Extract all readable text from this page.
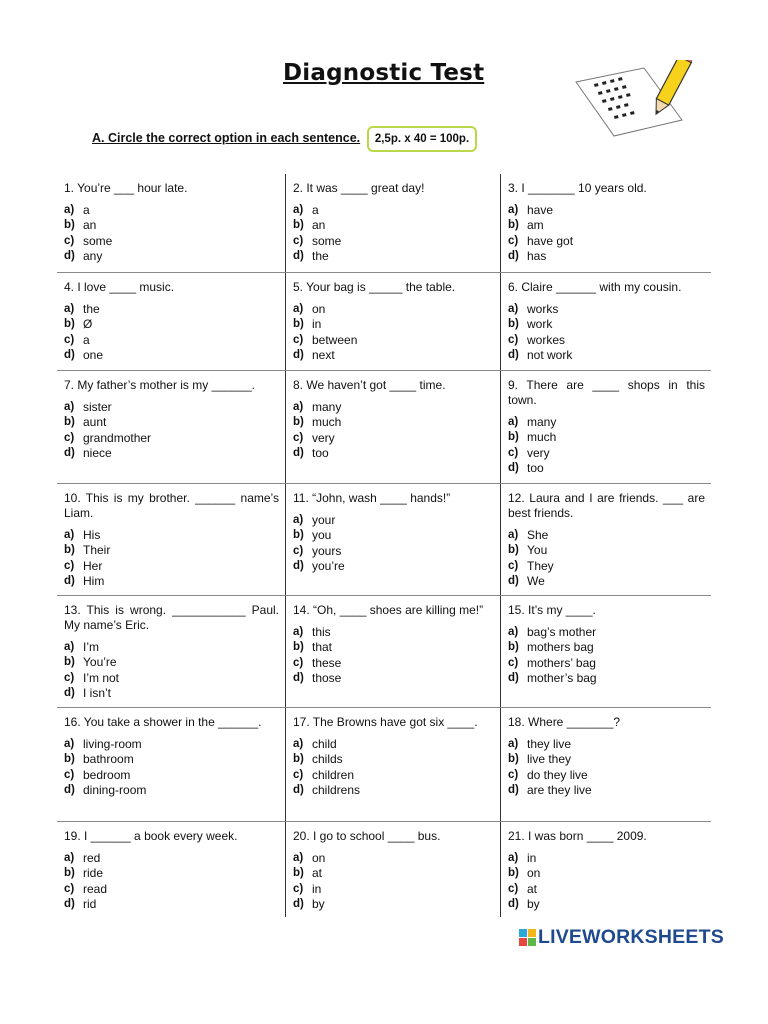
Diagnostic Test
A. Circle the correct option in each sentence.	2,5p. x 40 = 100p.
1. You’re ___ hour late.
a) a
b) an
c) some
d) any
2. It was ____ great day!
a) a
b) an
c) some
d) the
3. I _______ 10 years old.
a) have
b) am
c) have got
d) has
4. I love ____ music.
a) the
b) Ø
c) a
d) one
5. Your bag is _____ the table.
a) on
b) in
c) between
d) next
6. Claire ______ with my cousin.
a) works
b) work
c) workes
d) not work
7. My father’s mother is my ______.
a) sister
b) aunt
c) grandmother
d) niece
8. We haven’t got ____ time.
a) many
b) much
c) very
d) too
9. There are ____ shops in this town.
a) many
b) much
c) very
d) too
10. This is my brother. ______ name’s Liam.
a) His
b) Their
c) Her
d) Him
11. “John, wash ____ hands!”
a) your
b) you
c) yours
d) you’re
12. Laura and I are friends. ___ are best friends.
a) She
b) You
c) They
d) We
13. This is wrong. ___________ Paul. My name’s Eric.
a) I’m
b) You’re
c) I’m not
d) I isn’t
14. “Oh, ____ shoes are killing me!”
a) this
b) that
c) these
d) those
15. It’s my ____.
a) bag’s mother
b) mothers bag
c) mothers’ bag
d) mother’s bag
16. You take a shower in the ______.
a) living-room
b) bathroom
c) bedroom
d) dining-room
17. The Browns have got six ____.
a) child
b) childs
c) children
d) childrens
18. Where _______?
a) they live
b) live they
c) do they live
d) are they live
19. I ______ a book every week.
a) red
b) ride
c) read
d) rid
20. I go to school ____ bus.
a) on
b) at
c) in
d) by
21. I was born ____ 2009.
a) in
b) on
c) at
d) by
LIVEWORKSHEETS
